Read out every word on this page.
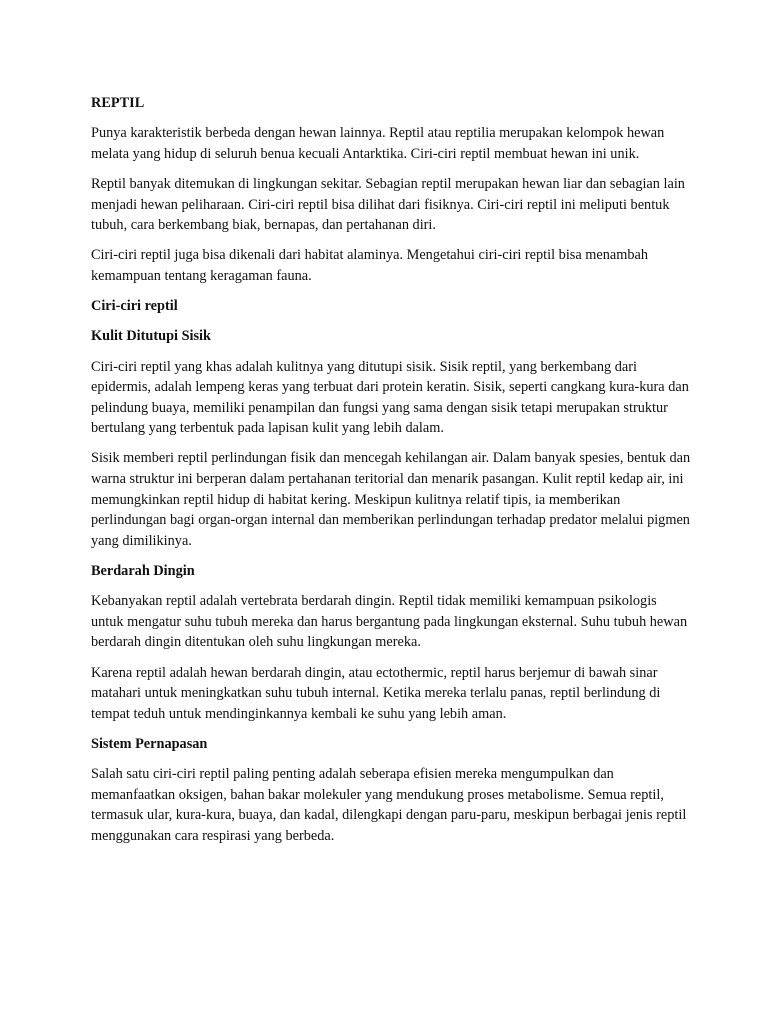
REPTIL

Punya karakteristik berbeda dengan hewan lainnya. Reptil atau reptilia merupakan kelompok hewan melata yang hidup di seluruh benua kecuali Antarktika. Ciri-ciri reptil membuat hewan ini unik.

Reptil banyak ditemukan di lingkungan sekitar. Sebagian reptil merupakan hewan liar dan sebagian lain menjadi hewan peliharaan. Ciri-ciri reptil bisa dilihat dari fisiknya. Ciri-ciri reptil ini meliputi bentuk tubuh, cara berkembang biak, bernapas, dan pertahanan diri.

Ciri-ciri reptil juga bisa dikenali dari habitat alaminya. Mengetahui ciri-ciri reptil bisa menambah kemampuan tentang keragaman fauna.

Ciri-ciri reptil
Kulit Ditutupi Sisik

Ciri-ciri reptil yang khas adalah kulitnya yang ditutupi sisik. Sisik reptil, yang berkembang dari epidermis, adalah lempeng keras yang terbuat dari protein keratin. Sisik, seperti cangkang kura-kura dan pelindung buaya, memiliki penampilan dan fungsi yang sama dengan sisik tetapi merupakan struktur bertulang yang terbentuk pada lapisan kulit yang lebih dalam.

Sisik memberi reptil perlindungan fisik dan mencegah kehilangan air. Dalam banyak spesies, bentuk dan warna struktur ini berperan dalam pertahanan teritorial dan menarik pasangan. Kulit reptil kedap air, ini memungkinkan reptil hidup di habitat kering. Meskipun kulitnya relatif tipis, ia memberikan perlindungan bagi organ-organ internal dan memberikan perlindungan terhadap predator melalui pigmen yang dimilikinya.

Berdarah Dingin

Kebanyakan reptil adalah vertebrata berdarah dingin. Reptil tidak memiliki kemampuan psikologis untuk mengatur suhu tubuh mereka dan harus bergantung pada lingkungan eksternal. Suhu tubuh hewan berdarah dingin ditentukan oleh suhu lingkungan mereka.

Karena reptil adalah hewan berdarah dingin, atau ectothermic, reptil harus berjemur di bawah sinar matahari untuk meningkatkan suhu tubuh internal. Ketika mereka terlalu panas, reptil berlindung di tempat teduh untuk mendinginkannya kembali ke suhu yang lebih aman.

Sistem Pernapasan

Salah satu ciri-ciri reptil paling penting adalah seberapa efisien mereka mengumpulkan dan memanfaatkan oksigen, bahan bakar molekuler yang mendukung proses metabolisme. Semua reptil, termasuk ular, kura-kura, buaya, dan kadal, dilengkapi dengan paru-paru, meskipun berbagai jenis reptil menggunakan cara respirasi yang berbeda.
